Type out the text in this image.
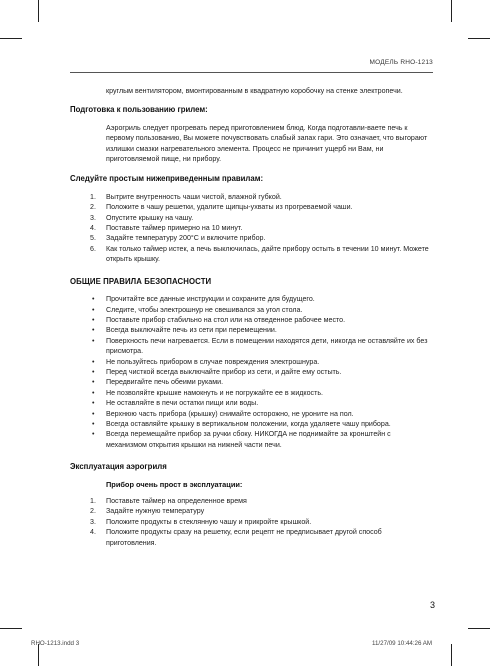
МОДЕЛЬ RHO-1213

круглым вентилятором, вмонтированным в квадратную коробочку на стенке электропечи.

Подготовка к пользованию грилем:

Аэрогриль следует прогревать перед приготовлением блюд. Когда подготавли-ваете печь к первому пользованию, Вы можете почувствовать слабый запах гари. Это означает, что выгорают излишки смазки нагревательного элемента. Процесс не причинит ущерб ни Вам, ни приготовляемой пище, ни прибору.

Следуйте простым нижеприведенным правилам:
1. Вытрите внутренность чаши чистой, влажной губкой.
2. Положите в чашу решетки, удалите щипцы-ухваты из прогреваемой чаши.
3. Опустите крышку на чашу.
4. Поставьте таймер примерно на 10 минут.
5. Задайте температуру 200°С и включите прибор.
6. Как только таймер истек, а печь выключилась, дайте прибору остыть в течении 10 минут. Можете открыть крышку.
ОБЩИЕ ПРАВИЛА БЕЗОПАСНОСТИ
• Прочитайте все данные инструкции и сохраните для будущего.
• Следите, чтобы электрошнур не свешивался за угол стола.
• Поставьте прибор стабильно на стол или на отведенное рабочее место.
• Всегда выключайте печь из сети при перемещении.
• Поверхность печи нагревается. Если в помещении находятся дети, никогда не оставляйте их без присмотра.
• Не пользуйтесь прибором в случае повреждения электрошнура.
• Перед чисткой всегда выключайте прибор из сети, и дайте ему остыть.
• Передвигайте печь обеими руками.
• Не позволяйте крышке намокнуть и не погружайте ее в жидкость.
• Не оставляйте в печи остатки пищи или воды.
• Верхнюю часть прибора (крышку) снимайте осторожно, не уроните на пол.
• Всегда оставляйте крышку в вертикальном положении, когда удаляете чашу прибора.
• Всегда перемещайте прибор за ручки сбоку. НИКОГДА не поднимайте за кронштейн с механизмом открытия крышки на нижней части печи.
Эксплуатация аэрогриля
Прибор очень прост в эксплуатации:
1. Поставьте таймер на определенное время
2. Задайте нужную температуру
3. Положите продукты в стеклянную чашу и прикройте крышкой.
4. Положите продукты сразу на решетку, если рецепт не предписывает другой способ приготовления.
3
RHO-1213.indd 3	11/27/09 10:44:26 AM
